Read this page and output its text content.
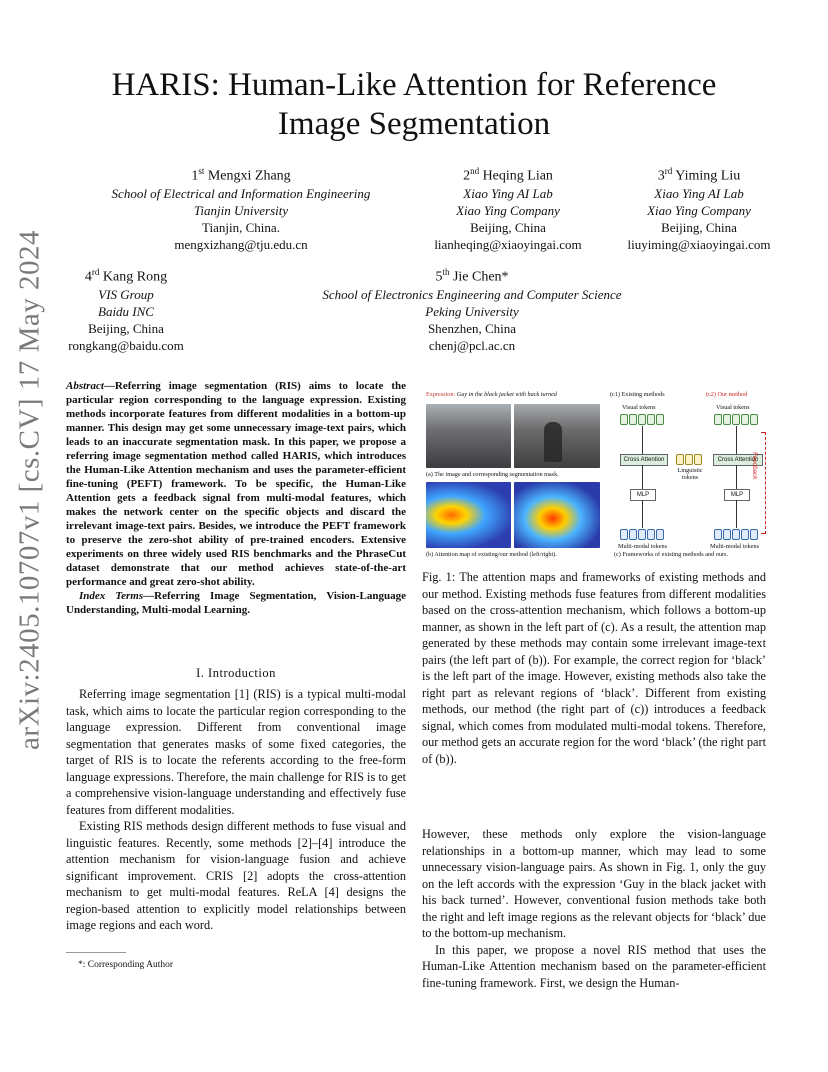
arXiv:2405.10707v1 [cs.CV] 17 May 2024
HARIS: Human-Like Attention for Reference Image Segmentation
1st Mengxi Zhang
School of Electrical and Information Engineering
Tianjin University
Tianjin, China.
mengxizhang@tju.edu.cn
2nd Heqing Lian
Xiao Ying AI Lab
Xiao Ying Company
Beijing, China
lianheqing@xiaoyingai.com
3rd Yiming Liu
Xiao Ying AI Lab
Xiao Ying Company
Beijing, China
liuyiming@xiaoyingai.com
4rd Kang Rong
VIS Group
Baidu INC
Beijing, China
rongkang@baidu.com
5th Jie Chen*
School of Electronics Engineering and Computer Science
Peking University
Shenzhen, China
chenj@pcl.ac.cn
Abstract—Referring image segmentation (RIS) aims to locate the particular region corresponding to the language expression. Existing methods incorporate features from different modalities in a bottom-up manner. This design may get some unnecessary image-text pairs, which leads to an inaccurate segmentation mask. In this paper, we propose a referring image segmentation method called HARIS, which introduces the Human-Like Attention mechanism and uses the parameter-efficient fine-tuning (PEFT) framework. To be specific, the Human-Like Attention gets a feedback signal from multi-modal features, which makes the network center on the specific objects and discard the irrelevant image-text pairs. Besides, we introduce the PEFT framework to preserve the zero-shot ability of pre-trained encoders. Extensive experiments on three widely used RIS benchmarks and the PhraseCut dataset demonstrate that our method achieves state-of-the-art performance and great zero-shot ability.
Index Terms—Referring Image Segmentation, Vision-Language Understanding, Multi-modal Learning.
I. Introduction

Referring image segmentation [1] (RIS) is a typical multi-modal task, which aims to locate the particular region corresponding to the language expression. Different from conventional image segmentation that generates masks of some fixed categories, the target of RIS is to locate the referents according to the free-form language expressions. Therefore, the main challenge for RIS is to get a comprehensive vision-language understanding and effectively fuse features from different modalities.

Existing RIS methods design different methods to fuse visual and linguistic features. Recently, some methods [2]–[4] introduce the attention mechanism for vision-language fusion and achieve significant improvement. CRIS [2] adopts the cross-attention mechanism to get multi-modal features. ReLA [4] designs the region-based attention to explicitly model relationships between image regions and each word.

*: Corresponding Author
Expression: Guy in the black jacket with back turned	(c1) Existing methods	(c2) Our method
(a) The image and corresponding segmentation mask.
(b) Attention map of existing/our method (left/right).
Visual tokens	Visual tokens
Cross Attention	Cross Attention
Linguistic tokens	Feedback
MLP	MLP
Multi-modal tokens	Multi-modal tokens
(c) Frameworks of existing methods and ours.
Fig. 1: The attention maps and frameworks of existing methods and our method. Existing methods fuse features from different modalities based on the cross-attention mechanism, which follows a bottom-up manner, as shown in the left part of (c). As a result, the attention map generated by these methods may contain some irrelevant image-text pairs (the left part of (b)). For example, the correct region for ‘black’ is the left part of the image. However, existing methods also take the right part as relevant regions of ‘black’. Different from existing methods, our method (the right part of (c)) introduces a feedback signal, which comes from modulated multi-modal tokens. Therefore, our method gets an accurate region for the word ‘black’ (the right part of (b)).

However, these methods only explore the vision-language relationships in a bottom-up manner, which may lead to some unnecessary vision-language pairs. As shown in Fig. 1, only the guy on the left accords with the expression ‘Guy in the black jacket with his back turned’. However, conventional fusion methods take both the right and left image regions as the relevant objects for ‘black’ due to the bottom-up mechanism.

In this paper, we propose a novel RIS method that uses the Human-Like Attention mechanism based on the parameter-efficient fine-tuning framework. First, we design the Human-
